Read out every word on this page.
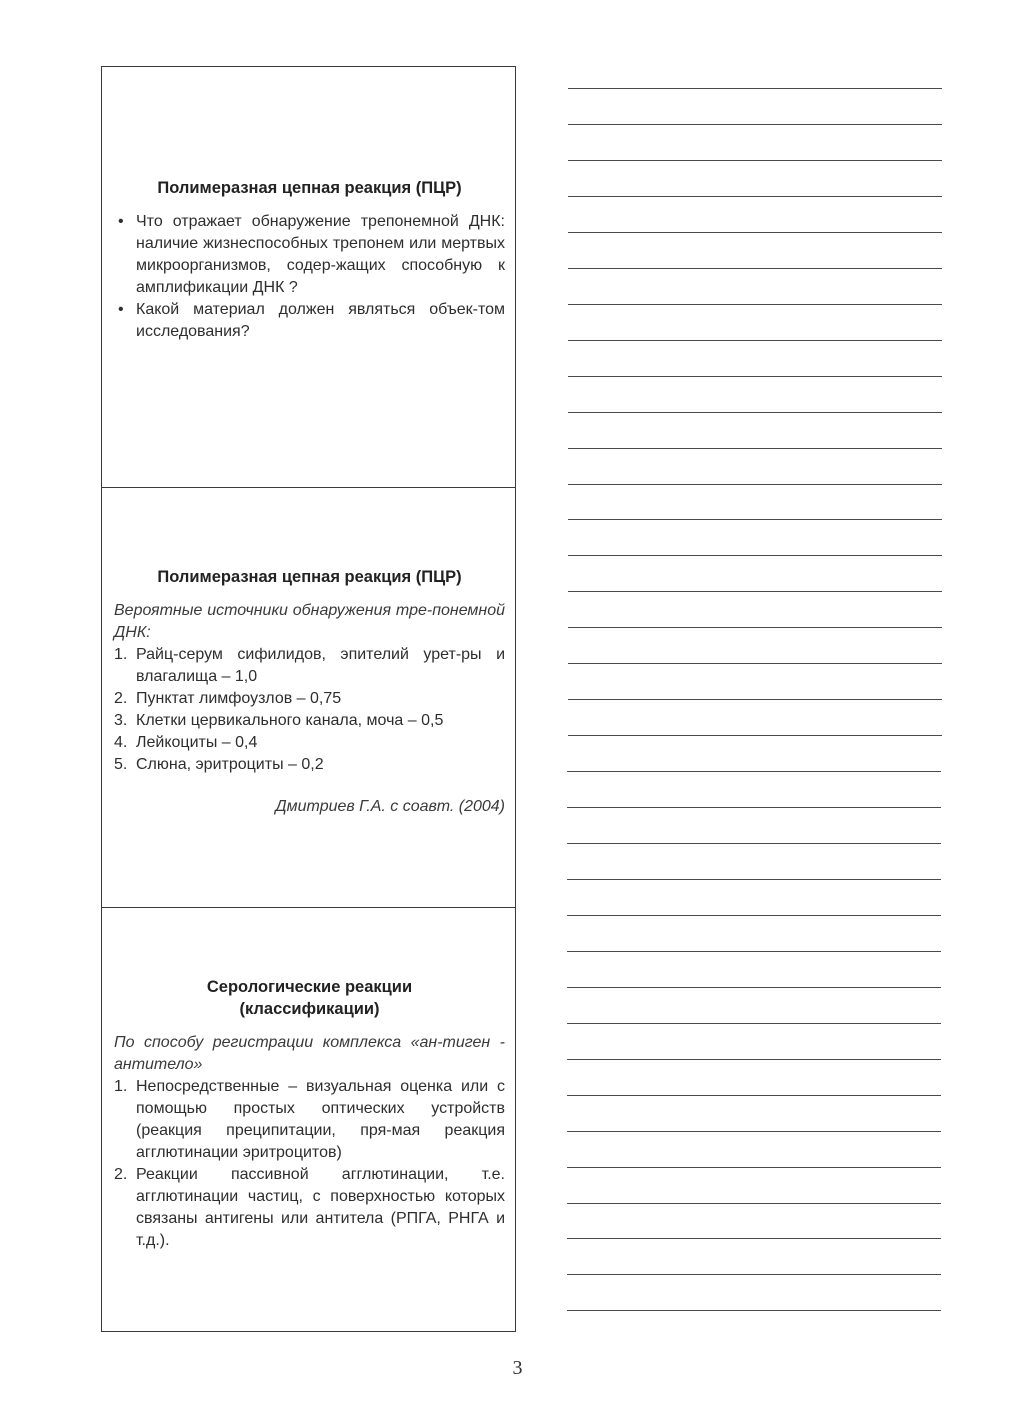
Полимеразная цепная реакция (ПЦР)
• Что отражает обнаружение трепонемной ДНК: наличие жизнеспособных трепонем или мертвых микроорганизмов, содер-жащих способную к амплификации ДНК ?
• Какой материал должен являться объек-том исследования?
Полимеразная цепная реакция (ПЦР)

Вероятные источники обнаружения тре-понемной ДНК:

1. Райц-серум сифилидов, эпителий урет-ры и влагалища – 1,0
2. Пунктат лимфоузлов – 0,75
3. Клетки цервикального канала, моча – 0,5
4. Лейкоциты – 0,4
5. Слюна, эритроциты – 0,2

Дмитриев Г.А. с соавт. (2004)

Серологические реакции
(классификации)

По способу регистрации комплекса «ан-тиген - антитело»

1. Непосредственные – визуальная оценка или с помощью простых оптических устройств (реакция преципитации, пря-мая реакция агглютинации эритроцитов)
2. Реакции пассивной агглютинации, т.е. агглютинации частиц, с поверхностью которых связаны антигены или антитела (РПГА, РНГА и т.д.).
3
